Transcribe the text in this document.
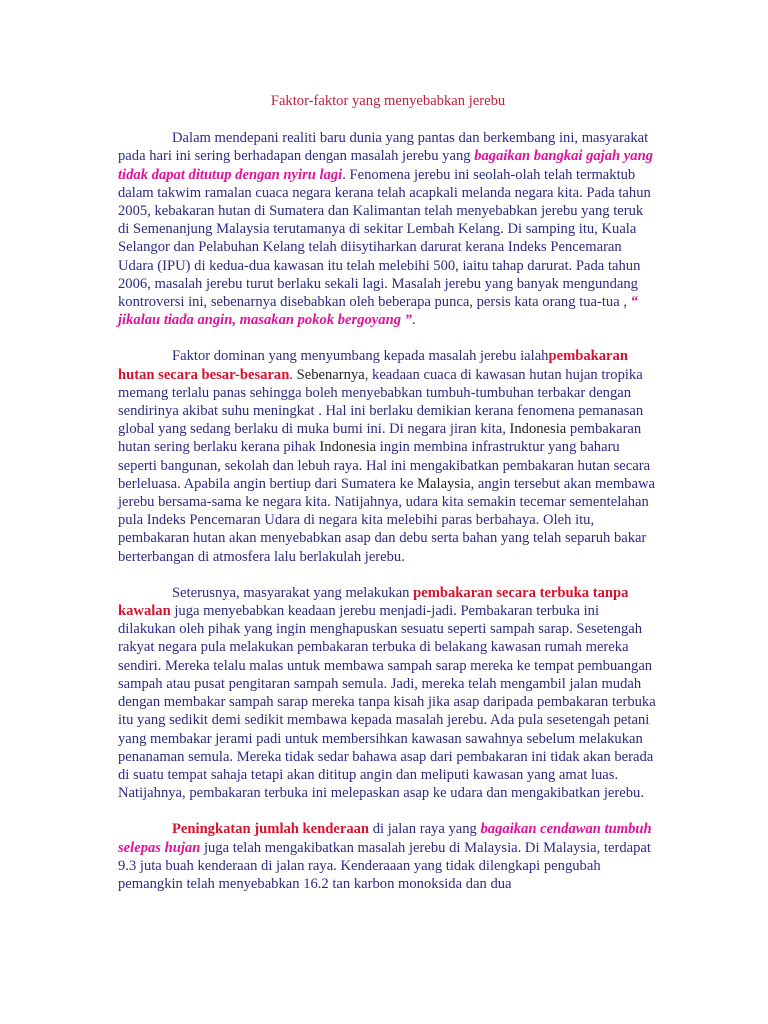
Faktor-faktor yang menyebabkan jerebu

Dalam mendepani realiti baru dunia yang pantas dan berkembang ini, masyarakat pada hari ini sering berhadapan dengan masalah jerebu yang bagaikan bangkai gajah yang tidak dapat ditutup dengan nyiru lagi. Fenomena jerebu ini seolah-olah telah termaktub dalam takwim ramalan cuaca negara kerana telah acapkali melanda negara kita. Pada tahun 2005, kebakaran hutan di Sumatera dan Kalimantan telah menyebabkan jerebu yang teruk di Semenanjung Malaysia terutamanya di sekitar Lembah Kelang. Di samping itu, Kuala Selangor dan Pelabuhan Kelang telah diisytiharkan darurat kerana Indeks Pencemaran Udara (IPU) di kedua-dua kawasan itu telah melebihi 500, iaitu tahap darurat. Pada tahun 2006, masalah jerebu turut berlaku sekali lagi. Masalah jerebu yang banyak mengundang kontroversi ini, sebenarnya disebabkan oleh beberapa punca, persis kata orang tua-tua , “ jikalau tiada angin, masakan pokok bergoyang ”.

Faktor dominan yang menyumbang kepada masalah jerebu ialahpembakaran hutan secara besar-besaran. Sebenarnya, keadaan cuaca di kawasan hutan hujan tropika memang terlalu panas sehingga boleh menyebabkan tumbuh-tumbuhan terbakar dengan sendirinya akibat suhu meningkat . Hal ini berlaku demikian kerana fenomena pemanasan global yang sedang berlaku di muka bumi ini. Di negara jiran kita, Indonesia pembakaran hutan sering berlaku kerana pihak Indonesia ingin membina infrastruktur yang baharu seperti bangunan, sekolah dan lebuh raya. Hal ini mengakibatkan pembakaran hutan secara berleluasa. Apabila angin bertiup dari Sumatera ke Malaysia, angin tersebut akan membawa jerebu bersama-sama ke negara kita. Natijahnya, udara kita semakin tecemar sementelahan pula Indeks Pencemaran Udara di negara kita melebihi paras berbahaya. Oleh itu, pembakaran hutan akan menyebabkan asap dan debu serta bahan yang telah separuh bakar berterbangan di atmosfera lalu berlakulah jerebu.

Seterusnya, masyarakat yang melakukan pembakaran secara terbuka tanpa kawalan juga menyebabkan keadaan jerebu menjadi-jadi. Pembakaran terbuka ini dilakukan oleh pihak yang ingin menghapuskan sesuatu seperti sampah sarap. Sesetengah rakyat negara pula melakukan pembakaran terbuka di belakang kawasan rumah mereka sendiri. Mereka telalu malas untuk membawa sampah sarap mereka ke tempat pembuangan sampah atau pusat pengitaran sampah semula. Jadi, mereka telah mengambil jalan mudah dengan membakar sampah sarap mereka tanpa kisah jika asap daripada pembakaran terbuka itu yang sedikit demi sedikit membawa kepada masalah jerebu. Ada pula sesetengah petani yang membakar jerami padi untuk membersihkan kawasan sawahnya sebelum melakukan penanaman semula. Mereka tidak sedar bahawa asap dari pembakaran ini tidak akan berada di suatu tempat sahaja tetapi akan dititup angin dan meliputi kawasan yang amat luas. Natijahnya, pembakaran terbuka ini melepaskan asap ke udara dan mengakibatkan jerebu.

Peningkatan jumlah kenderaan di jalan raya yang bagaikan cendawan tumbuh selepas hujan juga telah mengakibatkan masalah jerebu di Malaysia. Di Malaysia, terdapat 9.3 juta buah kenderaan di jalan raya. Kenderaaan yang tidak dilengkapi pengubah pemangkin telah menyebabkan 16.2 tan karbon monoksida dan dua
